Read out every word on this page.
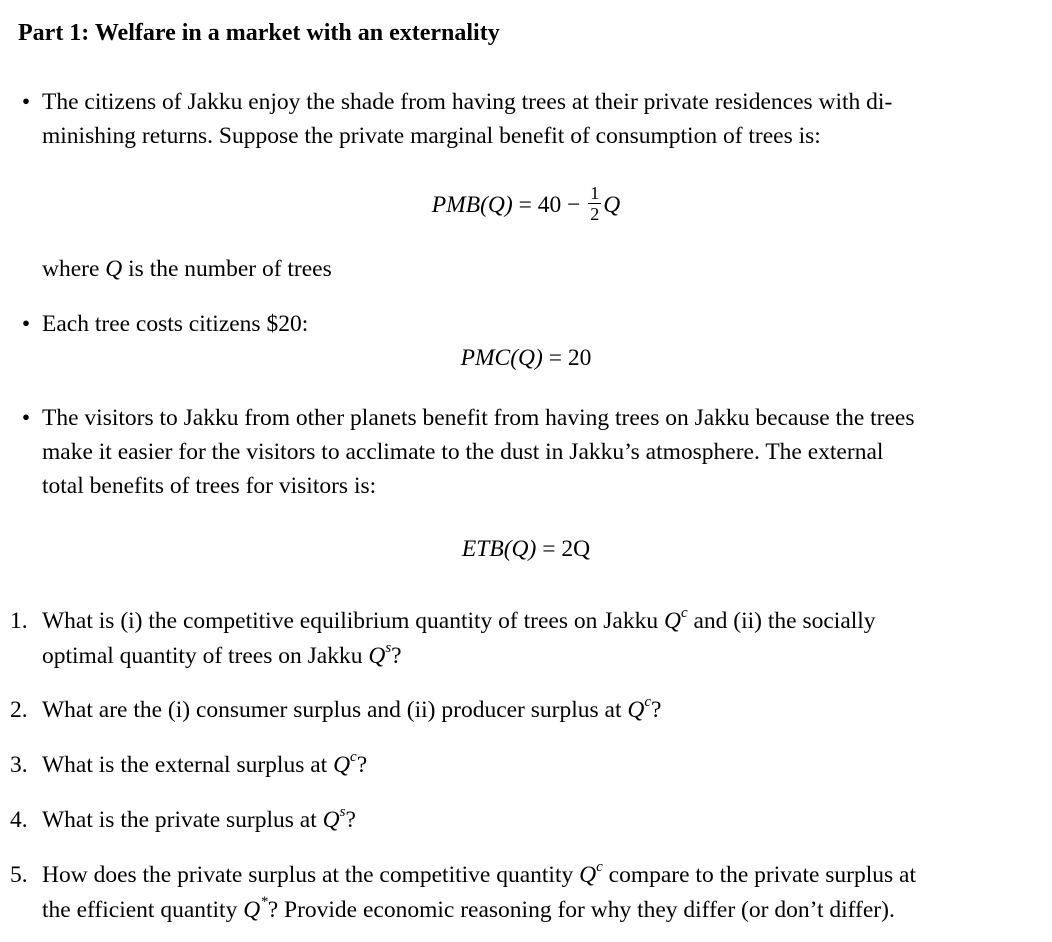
Part 1: Welfare in a market with an externality
• The citizens of Jakku enjoy the shade from having trees at their private residences with di-
minishing returns. Suppose the private marginal benefit of consumption of trees is:
$PMB(Q) = 40 - \frac{1}{2}$ Q
where Q is the number of trees
• Each tree costs citizens $20:
PMC(Q) = 20
• The visitors to Jakku from other planets benefit from having trees on Jakku because the trees
make it easier for the visitors to acclimate to the dust in Jakku’s atmosphere. The external
total benefits of trees for visitors is:
ETB(Q) = 2Q
1. What is (i) the competitive equilibrium quantity of trees on Jakku $Q^c$ and (ii) the socially
optimal quantity of trees on Jakku $Q^s$?
2. What are the (i) consumer surplus and (ii) producer surplus at $Q^c$?
3. What is the external surplus at $Q^c$?
4. What is the private surplus at $Q^s$?
5. How does the private surplus at the competitive quantity $Q^c$ compare to the private surplus at
the efficient quantity Q*? Provide economic reasoning for why they differ (or don’t differ).
